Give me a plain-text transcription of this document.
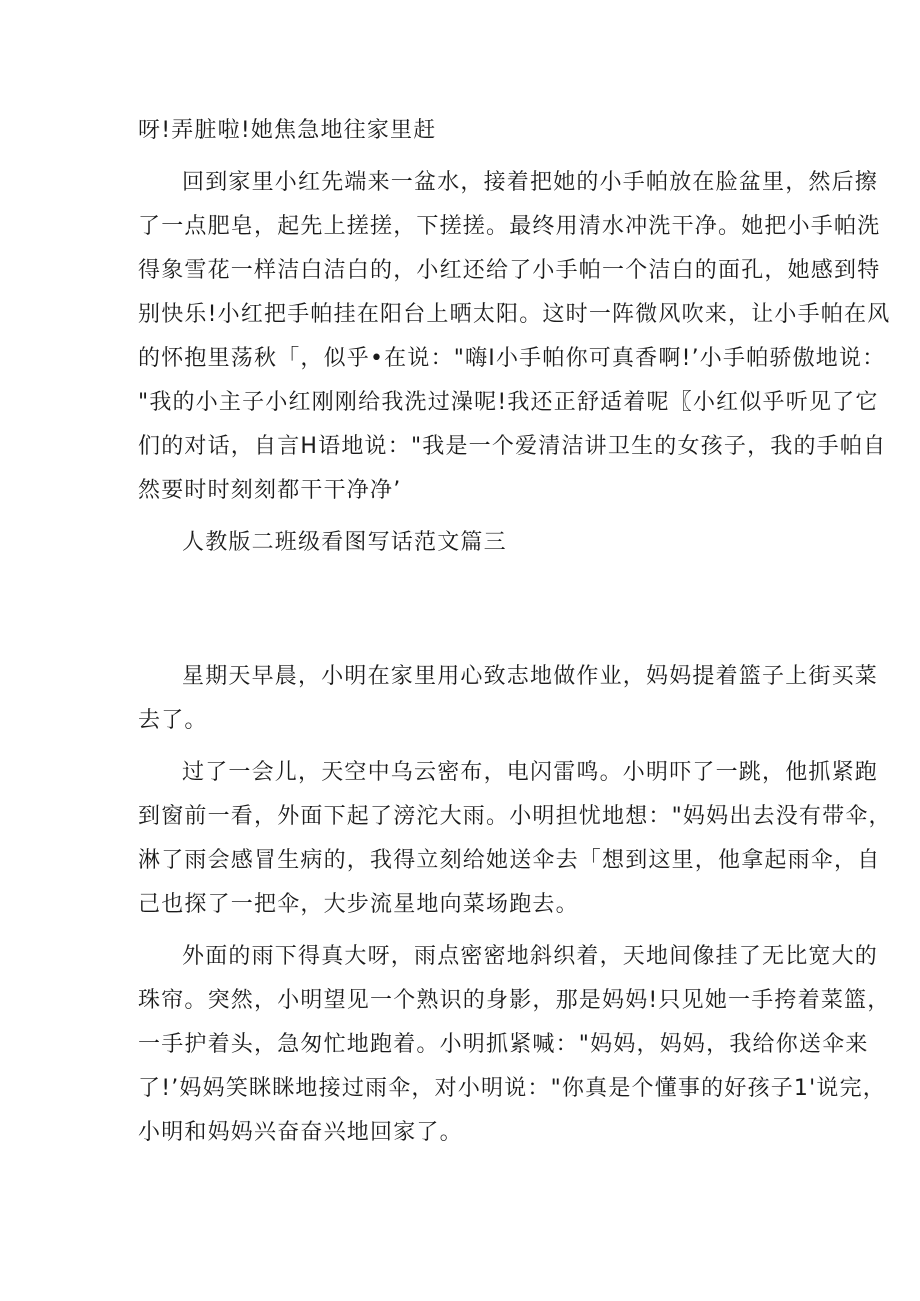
呀!弄脏啦!她焦急地往家里赶
回到家里小红先端来一盆水，接着把她的小手帕放在脸盆里，然后擦
了一点肥皂，起先上搓搓，下搓搓。最终用清水冲洗干净。她把小手帕洗
得象雪花一样洁白洁白的，小红还给了小手帕一个洁白的面孔，她感到特
别快乐!小红把手帕挂在阳台上晒太阳。这时一阵微风吹来，让小手帕在风
的怀抱里荡秋「，似乎•在说："嗨I小手帕你可真香啊!’小手帕骄傲地说：
"我的小主子小红刚刚给我洗过澡呢!我还正舒适着呢〖小红似乎听见了它
们的对话，自言H语地说："我是一个爱清洁讲卫生的女孩子，我的手帕自
然要时时刻刻都干干净净’
人教版二班级看图写话范文篇三
星期天早晨，小明在家里用心致志地做作业，妈妈提着篮子上街买菜
去了。
过了一会儿，天空中乌云密布，电闪雷鸣。小明吓了一跳，他抓紧跑
到窗前一看，外面下起了滂沱大雨。小明担忧地想："妈妈出去没有带伞，
淋了雨会感冒生病的，我得立刻给她送伞去「想到这里，他拿起雨伞，自
己也探了一把伞，大步流星地向菜场跑去。
外面的雨下得真大呀，雨点密密地斜织着，天地间像挂了无比宽大的
珠帘。突然，小明望见一个熟识的身影，那是妈妈!只见她一手挎着菜篮，
一手护着头，急匆忙地跑着。小明抓紧喊："妈妈，妈妈，我给你送伞来
了!’妈妈笑眯眯地接过雨伞，对小明说："你真是个懂事的好孩子1'说完，
小明和妈妈兴奋奋兴地回家了。
